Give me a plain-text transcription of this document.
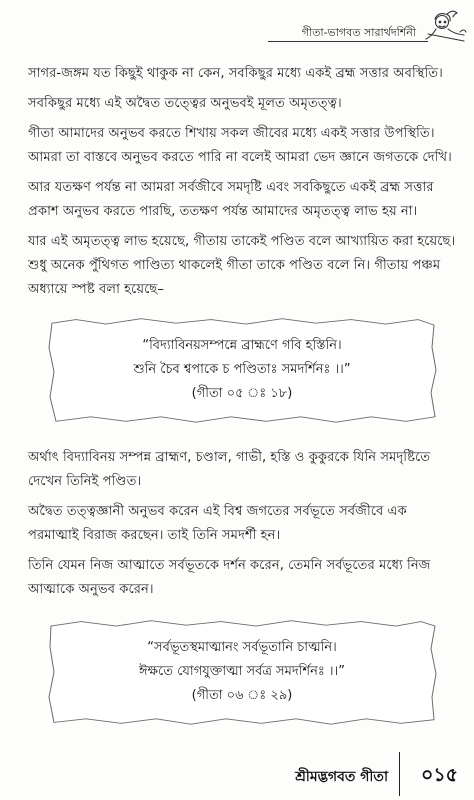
গীতা-ভাগবত সারার্থদর্শিনী

সাগর-জঙ্গম যত কিছুই থাকুক না কেন, সবকিছুর মধ্যে একই ব্রহ্ম সত্তার অবস্থিতি।

সবকিছুর মধ্যে এই অদ্বৈত তত্ত্বের অনুভবই মূলত অমৃতত্ত্ব।

গীতা আমাদের অনুভব করতে শিখায় সকল জীবের মধ্যে একই সত্তার উপস্থিতি। আমরা তা বাস্তবে অনুভব করতে পারি না বলেই আমরা ভেদ জ্ঞানে জগতকে দেখি।

আর যতক্ষণ পর্যন্ত না আমরা সর্বজীবে সমদৃষ্টি এবং সবকিছুতে একই ব্রহ্ম সত্তার প্রকাশ অনুভব করতে পারছি, ততক্ষণ পর্যন্ত আমাদের অমৃতত্ত্ব লাভ হয় না।

যার এই অমৃতত্ত্ব লাভ হয়েছে, গীতায় তাকেই পণ্ডিত বলে আখ্যায়িত করা হয়েছে। শুধু অনেক পুঁথিগত পাণ্ডিত্য থাকলেই গীতা তাকে পণ্ডিত বলে নি। গীতায় পঞ্চম অধ্যায়ে স্পষ্ট বলা হয়েছে–

“বিদ্যাবিনয়সম্পন্নে ব্রাহ্মণে গবি হস্তিনি।
শুনি চৈব শ্বপাকে চ পণ্ডিতাঃ সমদর্শিনঃ ।।”
(গীতা ০৫ ঃ ১৮)

অর্থাৎ বিদ্যাবিনয় সম্পন্ন ব্রাহ্মণ, চণ্ডাল, গাভী, হস্তি ও কুকুরকে যিনি সমদৃষ্টিতে দেখেন তিনিই পণ্ডিত।

অদ্বৈত তত্ত্বজ্ঞানী অনুভব করেন এই বিশ্ব জগতের সর্বভূতে সর্বজীবে এক পরমাত্মাই বিরাজ করছেন। তাই তিনি সমদর্শী হন।

তিনি যেমন নিজ আত্মাতে সর্বভূতকে দর্শন করেন, তেমনি সর্বভূতের মধ্যে নিজ আত্মাকে অনুভব করেন।

“সর্বভূতস্থমাত্মানং সর্বভূতানি চাত্মনি।
ঈক্ষতে যোগযুক্তাত্মা সর্বত্র সমদর্শিনঃ ।।”
(গীতা ০৬ ঃ ২৯)
শ্রীমদ্ভগবত গীতা ০১৫
